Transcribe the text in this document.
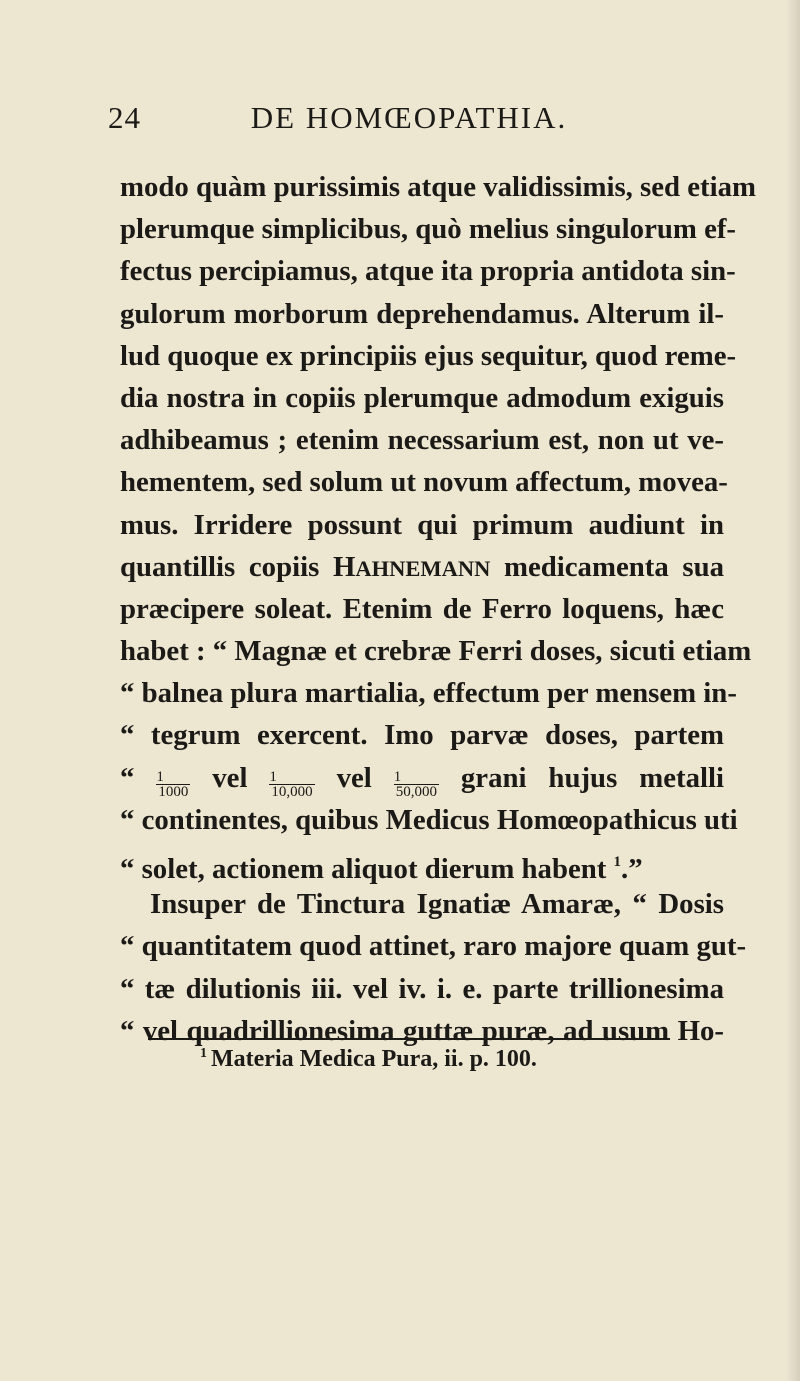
24	DE HOMŒOPATHIA.
modo quàm purissimis atque validissimis, sed etiam
plerumque simplicibus, quò melius singulorum ef-
fectus percipiamus, atque ita propria antidota sin-
gulorum morborum deprehendamus. Alterum il-
lud quoque ex principiis ejus sequitur, quod reme-
dia nostra in copiis plerumque admodum exiguis
adhibeamus ; etenim necessarium est, non ut ve-
hementem, sed solum ut novum affectum, movea-
mus. Irridere possunt qui primum audiunt in
quantillis copiis HAHNEMANN medicamenta sua
præcipere soleat. Etenim de Ferro loquens, hæc
habet : “ Magnæ et crebræ Ferri doses, sicuti etiam
“ balnea plura martialia, effectum per mensem in-
“ tegrum exercent. Imo parvæ doses, partem
“ $\frac{1}{1000}$ vel $\frac{1}{10,000}$ vel $\frac{1}{50,000}$ grani hujus metalli
“ continentes, quibus Medicus Homœopathicus uti
“ solet, actionem aliquot dierum habent $^1$.”
Insuper de Tinctura Ignatiæ Amaræ, “ Dosis
“ quantitatem quod attinet, raro majore quam gut-
“ tæ dilutionis iii. vel iv. i. e. parte trillionesima
“ vel quadrillionesima guttæ puræ, ad usum Ho-
$^1$ Materia Medica Pura, ii. p. 100.
